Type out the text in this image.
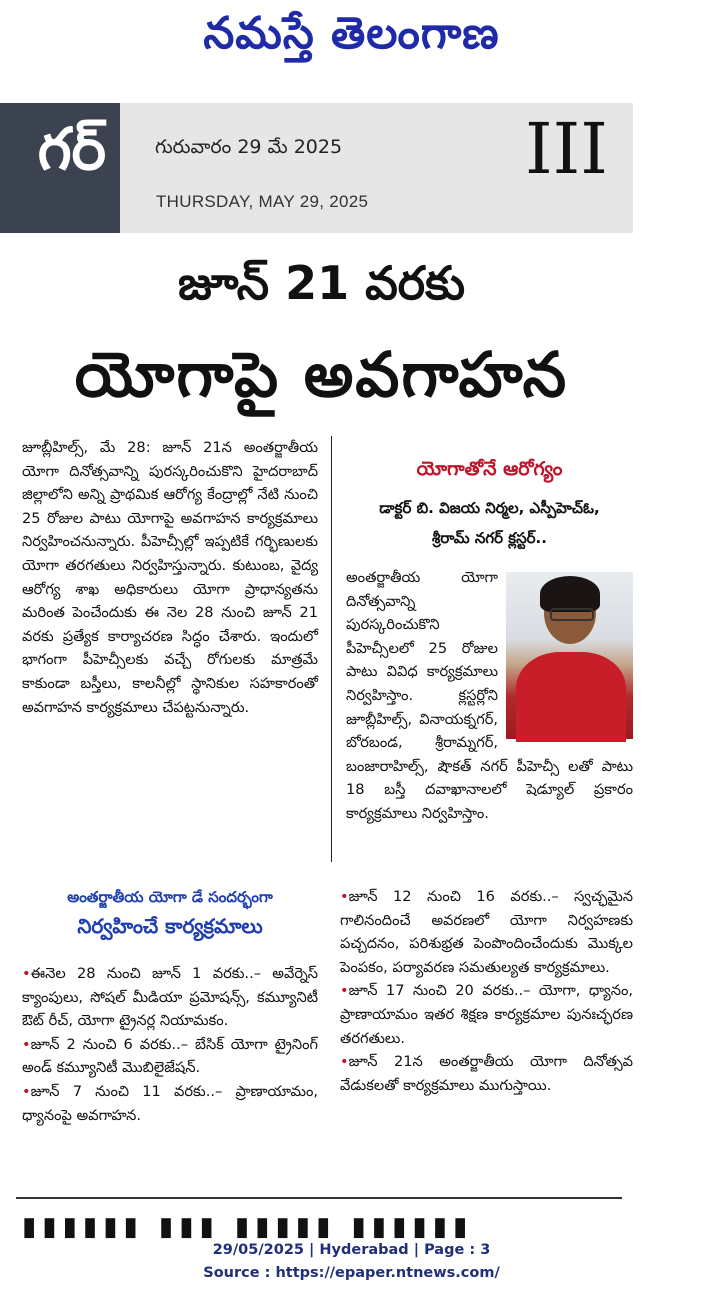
నమస్తే తెలంగాణ
గర్	గురువారం 29 మే 2025
THURSDAY, MAY 29, 2025
III
జూన్ 21 వరకు
యోగాపై అవగాహన

జూబ్లీహిల్స్, మే 28: జూన్ 21న అంతర్జాతీయ యోగా దినోత్సవాన్ని పురస్కరించుకొని హైదరాబాద్ జిల్లాలోని అన్ని ప్రాథమిక ఆరోగ్య కేంద్రాల్లో నేటి నుంచి 25 రోజుల పాటు యోగాపై అవగాహన కార్యక్రమాలు నిర్వహించనున్నారు. పీహెచ్సీల్లో ఇప్పటికే గర్భిణులకు యోగా తరగతులు నిర్వహిస్తున్నారు. కుటుంబ, వైద్య ఆరోగ్య శాఖ అధికారులు యోగా ప్రాధాన్యతను మరింత పెంచేందుకు ఈ నెల 28 నుంచి జూన్ 21 వరకు ప్రత్యేక కార్యాచరణ సిద్ధం చేశారు. ఇందులో భాగంగా పీహెచ్సీలకు వచ్చే రోగులకు మాత్రమే కాకుండా బస్తీలు, కాలనీల్లో స్థానికుల సహకారంతో అవగాహన కార్యక్రమాలు చేపట్టనున్నారు.

యోగాతోనే ఆరోగ్యం
డాక్టర్ బి. విజయ నిర్మల, ఎస్పీహెచ్ఓ,
శ్రీరామ్ నగర్ క్లస్టర్..

అంతర్జాతీయ యోగా దినోత్సవాన్ని పురస్కరించుకొని పీహెచ్సీలలో 25 రోజుల పాటు వివిధ కార్యక్రమాలు నిర్వహిస్తాం. క్లస్టర్లోని జూబ్లీహిల్స్, వినాయక్నగర్, బోరబండ, శ్రీరామ్నగర్, బంజారాహిల్స్, షౌకత్ నగర్ పీహెచ్సీ లతో పాటు 18 బస్తీ దవాఖానాలలో షెడ్యూల్ ప్రకారం కార్యక్రమాలు నిర్వహిస్తాం.

అంతర్జాతీయ యోగా డే సందర్భంగా
నిర్వహించే కార్యక్రమాలు

•ఈనెల 28 నుంచి జూన్ 1 వరకు..– అవేర్నెస్ క్యాంపులు, సోషల్ మీడియా ప్రమోషన్స్, కమ్యూనిటీ ఔట్ రీచ్, యోగా ట్రైనర్ల నియామకం.

•జూన్ 2 నుంచి 6 వరకు..– బేసిక్ యోగా ట్రైనింగ్ అండ్ కమ్యూనిటీ మొబిలైజేషన్.

•జూన్ 7 నుంచి 11 వరకు..– ప్రాణాయామం, ధ్యానంపై అవగాహన.

•జూన్ 12 నుంచి 16 వరకు..– స్వచ్ఛమైన గాలినందించే అవరణలో యోగా నిర్వహణకు పచ్చదనం, పరిశుభ్రత పెంపొందించేందుకు మొక్కల పెంపకం, పర్యావరణ సమతుల్యత కార్యక్రమాలు.

•జూన్ 17 నుంచి 20 వరకు..– యోగా, ధ్యానం, ప్రాణాయామం ఇతర శిక్షణ కార్యక్రమాల పునఃచ్ఛరణ తరగతులు.

•జూన్ 21న అంతర్జాతీయ యోగా దినోత్సవ వేడుకలతో కార్యక్రమాలు ముగుస్తాయి.

▮▮▮▮▮▮ ▮▮▮ ▮▮▮▮▮ ▮▮▮▮▮▮
29/05/2025 | Hyderabad | Page : 3
Source : https://epaper.ntnews.com/
